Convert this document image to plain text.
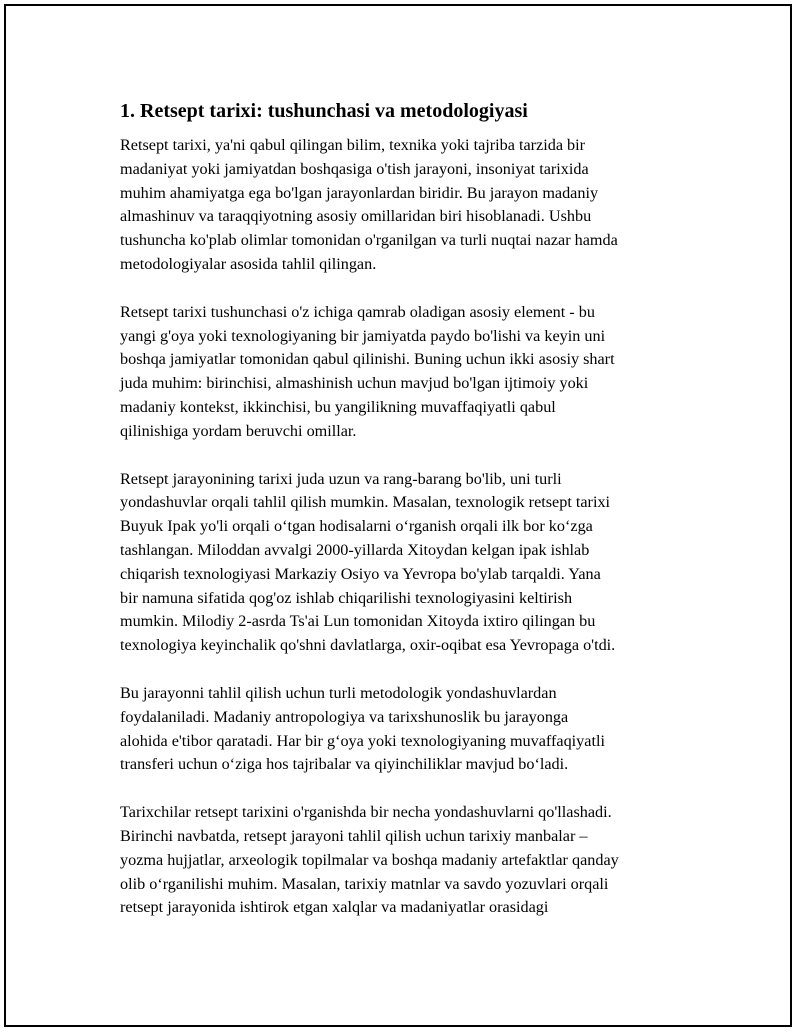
1. Retsept tarixi: tushunchasi va metodologiyasi

Retsept tarixi, ya'ni qabul qilingan bilim, texnika yoki tajriba tarzida bir
madaniyat yoki jamiyatdan boshqasiga o'tish jarayoni, insoniyat tarixida
muhim ahamiyatga ega bo'lgan jarayonlardan biridir. Bu jarayon madaniy
almashinuv va taraqqiyotning asosiy omillaridan biri hisoblanadi. Ushbu
tushuncha ko'plab olimlar tomonidan o'rganilgan va turli nuqtai nazar hamda
metodologiyalar asosida tahlil qilingan.

Retsept tarixi tushunchasi o'z ichiga qamrab oladigan asosiy element - bu
yangi g'oya yoki texnologiyaning bir jamiyatda paydo bo'lishi va keyin uni
boshqa jamiyatlar tomonidan qabul qilinishi. Buning uchun ikki asosiy shart
juda muhim: birinchisi, almashinish uchun mavjud bo'lgan ijtimoiy yoki
madaniy kontekst, ikkinchisi, bu yangilikning muvaffaqiyatli qabul
qilinishiga yordam beruvchi omillar.

Retsept jarayonining tarixi juda uzun va rang-barang bo'lib, uni turli
yondashuvlar orqali tahlil qilish mumkin. Masalan, texnologik retsept tarixi
Buyuk Ipak yo'li orqali o‘tgan hodisalarni o‘rganish orqali ilk bor ko‘zga
tashlangan. Miloddan avvalgi 2000-yillarda Xitoydan kelgan ipak ishlab
chiqarish texnologiyasi Markaziy Osiyo va Yevropa bo'ylab tarqaldi. Yana
bir namuna sifatida qog'oz ishlab chiqarilishi texnologiyasini keltirish
mumkin. Milodiy 2-asrda Ts'ai Lun tomonidan Xitoyda ixtiro qilingan bu
texnologiya keyinchalik qo'shni davlatlarga, oxir-oqibat esa Yevropaga o'tdi.

Bu jarayonni tahlil qilish uchun turli metodologik yondashuvlardan
foydalaniladi. Madaniy antropologiya va tarixshunoslik bu jarayonga
alohida e'tibor qaratadi. Har bir g‘oya yoki texnologiyaning muvaffaqiyatli
transferi uchun o‘ziga hos tajribalar va qiyinchiliklar mavjud bo‘ladi.

Tarixchilar retsept tarixini o'rganishda bir necha yondashuvlarni qo'llashadi.
Birinchi navbatda, retsept jarayoni tahlil qilish uchun tarixiy manbalar –
yozma hujjatlar, arxeologik topilmalar va boshqa madaniy artefaktlar qanday
olib o‘rganilishi muhim. Masalan, tarixiy matnlar va savdo yozuvlari orqali
retsept jarayonida ishtirok etgan xalqlar va madaniyatlar orasidagi
